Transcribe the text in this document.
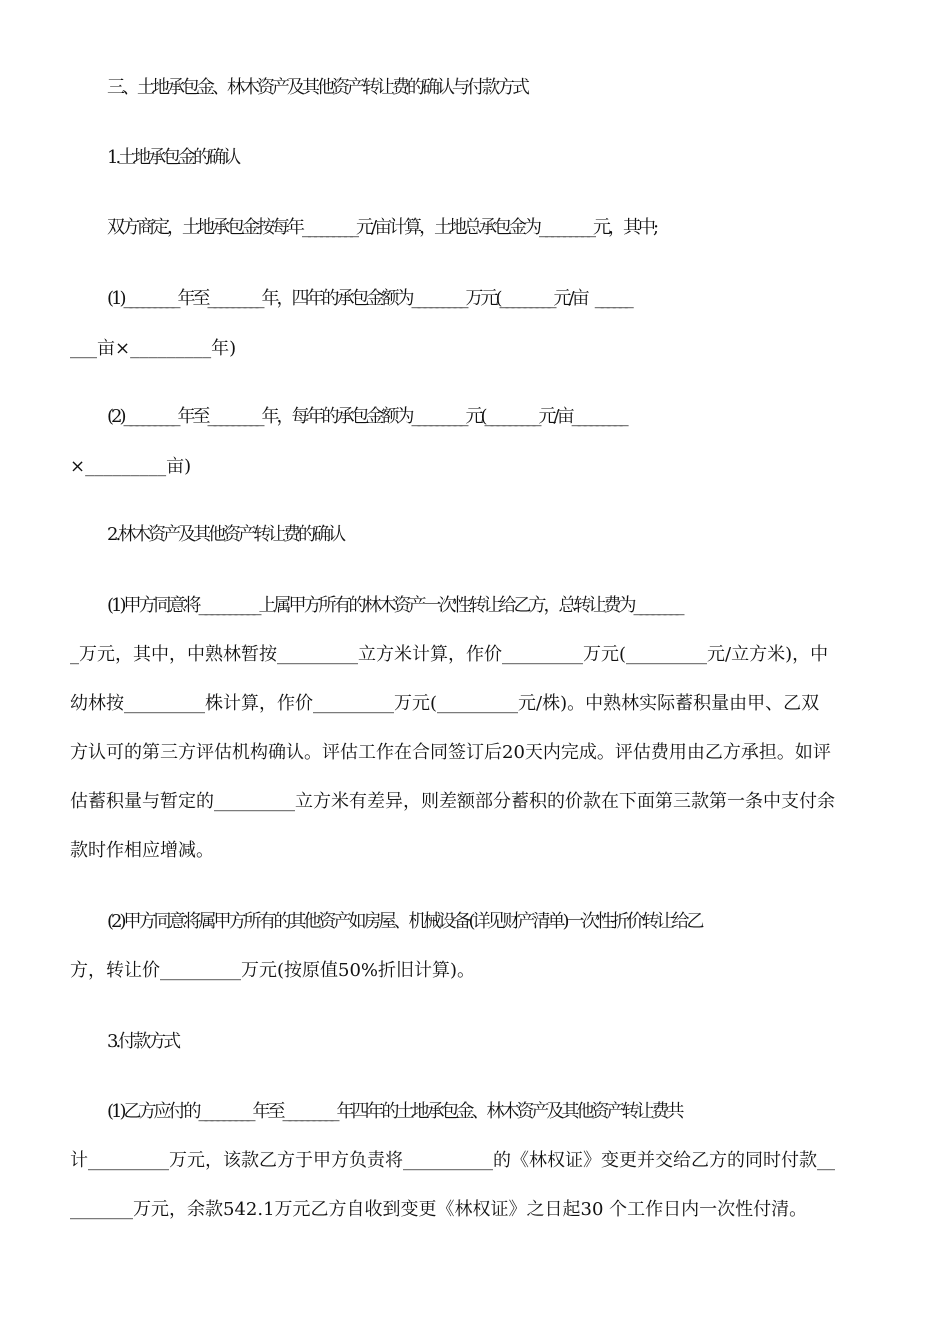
三、土地承包金、林木资产及其他资产转让费的确认与付款方式
1.土地承包金的确认
双方商定，土地承包金按每年_________元/亩计算，土地总承包金为_________元，其中;
(1)_________年至_________年，四年的承包金额为_________万元(_________元/亩   ______
___亩×_________年)
(2)_________年至_________年，每年的承包金额为_________元(_________元/亩_________
×_________亩)
2.林木资产及其他资产转让费的确认
(1)甲方同意将__________上属甲方所有的林木资产一次性转让给乙方，总转让费为________
_万元，其中，中熟林暂按_________立方米计算，作价_________万元(_________元/立方米)，中
幼林按_________株计算，作价_________万元(_________元/株)。中熟林实际蓄积量由甲、乙双
方认可的第三方评估机构确认。评估工作在合同签订后20天内完成。评估费用由乙方承担。如评
估蓄积量与暂定的_________立方米有差异，则差额部分蓄积的价款在下面第三款第一条中支付余
款时作相应增减。
(2)甲方同意将属甲方所有的其他资产如房屋、机械设备(详见财产清单)一次性折价转让给乙
方，转让价_________万元(按原值50%折旧计算)。
3.付款方式
(1)乙方应付的_________年至_________年四年的土地承包金、林木资产及其他资产转让费共
计_________万元，该款乙方于甲方负责将__________的《林权证》变更并交给乙方的同时付款__
_______万元，余款542.1万元乙方自收到变更《林权证》之日起30 个工作日内一次性付清。
